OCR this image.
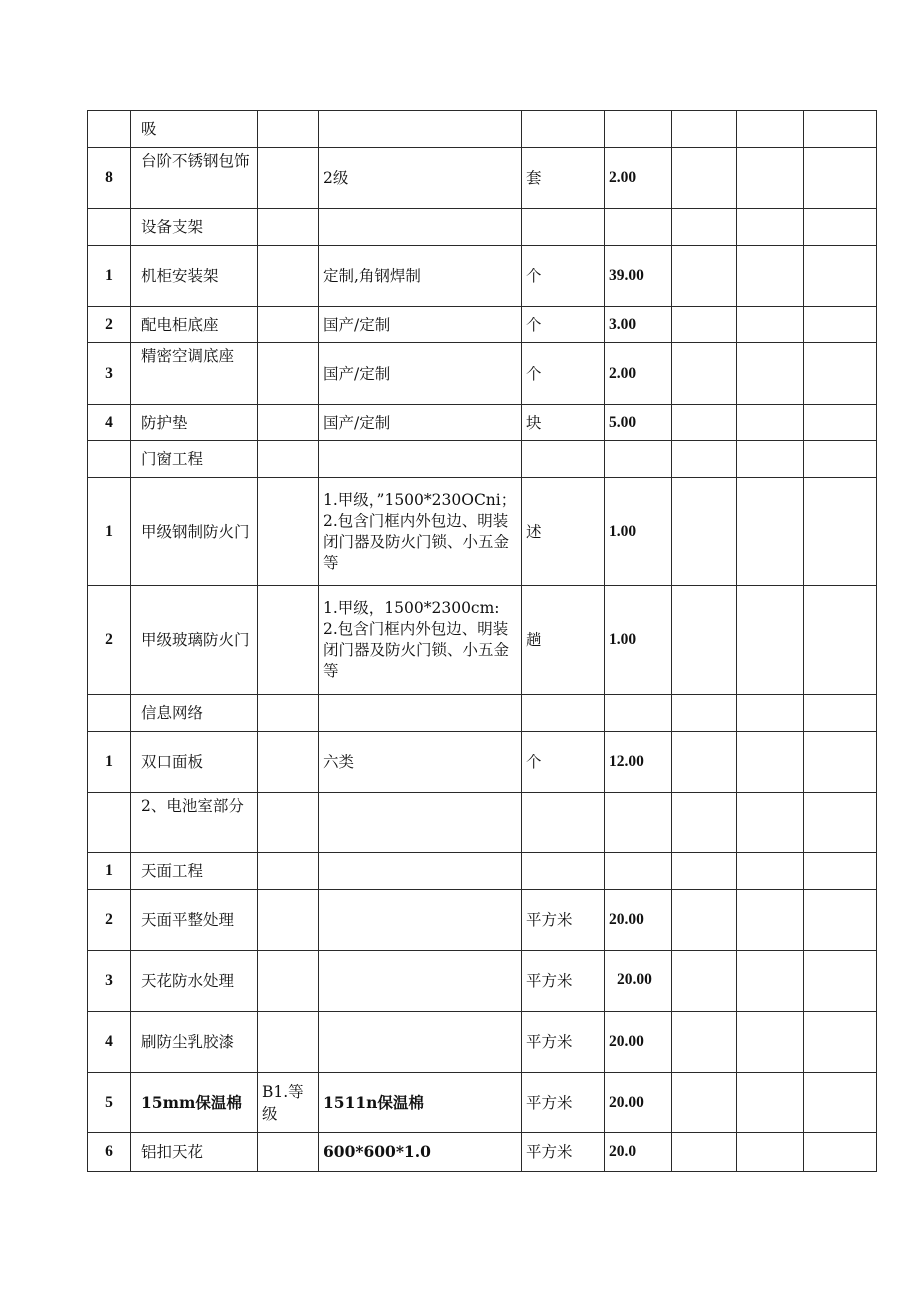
	吸							
8	台阶不锈钢包饰		2级	套	2.00			
	设备支架							
1	机柜安装架		定制,角钢焊制	个	39.00			
2	配电柜底座		国产/定制	个	3.00			
3	精密空调底座		国产/定制	个	2.00			
4	防护垫		国产/定制	块	5.00			
	门窗工程							
1	甲级钢制防火门		1.甲级，”1500*230OCni；2.包含门框内外包边、明装闭门器及防火门锁、小五金等	述	1.00			
2	甲级玻璃防火门		1.甲级，1500*2300cm: 2.包含门框内外包边、明装闭门器及防火门锁、小五金等	趟	1.00			
	信息网络							
1	双口面板		六类	个	12.00			
	2、电池室部分							
1	天面工程							
2	天面平整处理			平方米	20.00			
3	天花防水处理			平方米	20.00			
4	刷防尘乳胶漆			平方米	20.00			
5	15mm保温棉	B1.等级	1511n保温棉	平方米	20.00			
6	铝扣天花		600*600*1.0	平方米	20.0			
